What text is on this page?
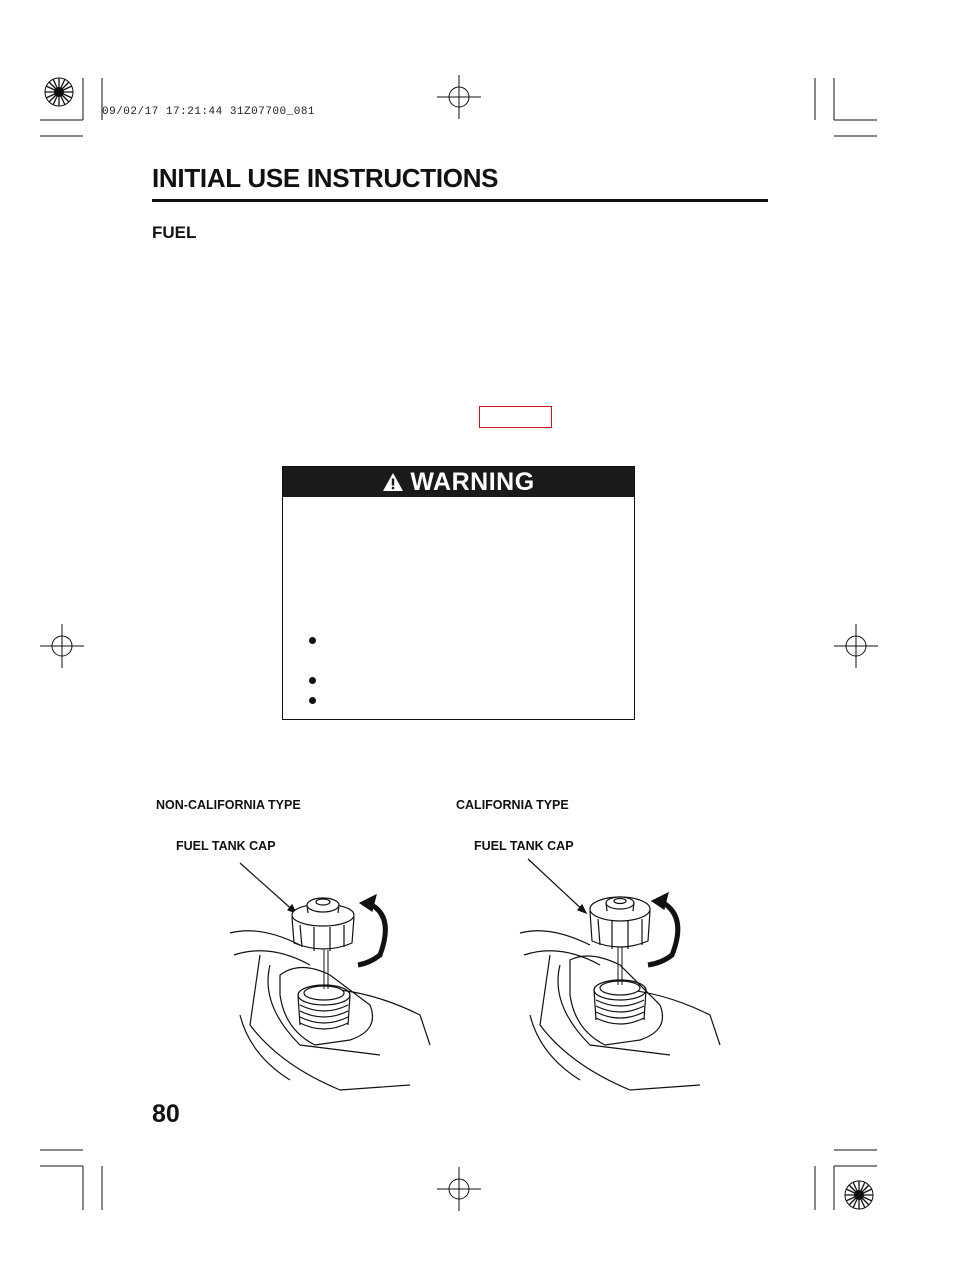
09/02/17 17:21:44 31Z07700_081
INITIAL USE INSTRUCTIONS
FUEL
WARNING
NON-CALIFORNIA TYPE	CALIFORNIA TYPE
FUEL TANK CAP	FUEL TANK CAP
80
